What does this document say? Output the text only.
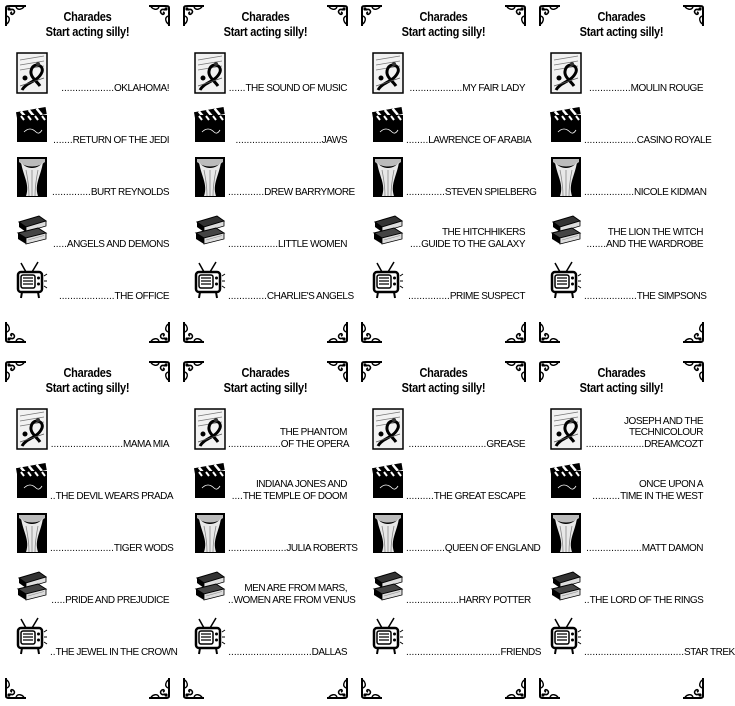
Charades
Start acting silly!
...................OKLAHOMA!
.......RETURN OF THE JEDI
..............BURT REYNOLDS
.....ANGELS AND DEMONS
....................THE OFFICE
Charades
Start acting silly!
......THE SOUND OF MUSIC
...............................JAWS
.............DREW BARRYMORE
..................LITTLE WOMEN
..............CHARLIE'S ANGELS
Charades
Start acting silly!
...................MY FAIR LADY
........LAWRENCE OF ARABIA
..............STEVEN SPIELBERG
THE HITCHHIKERS
....GUIDE TO THE GALAXY
...............PRIME SUSPECT
Charades
Start acting silly!
...............MOULIN ROUGE
...................CASINO ROYALE
..................NICOLE KIDMAN
THE LION THE WITCH
.......AND THE WARDROBE
...................THE SIMPSONS
Charades
Start acting silly!
..........................MAMA MIA
..THE DEVIL WEARS PRADA
.......................TIGER WODS
.....PRIDE AND PREJUDICE
..THE JEWEL IN THE CROWN
Charades
Start acting silly!
THE PHANTOM
...................OF THE OPERA
INDIANA JONES AND
....THE TEMPLE OF DOOM
.....................JULIA ROBERTS
MEN ARE FROM MARS,
..WOMEN ARE FROM VENUS
..............................DALLAS
Charades
Start acting silly!
............................GREASE
..........THE GREAT ESCAPE
..............QUEEN OF ENGLAND
...................HARRY POTTER
..................................FRIENDS
Charades
Start acting silly!
JOSEPH AND THE
TECHNICOLOUR
.....................DREAMCOZT
ONCE UPON A
..........TIME IN THE WEST
....................MATT DAMON
..THE LORD OF THE RINGS
....................................STAR TREK
